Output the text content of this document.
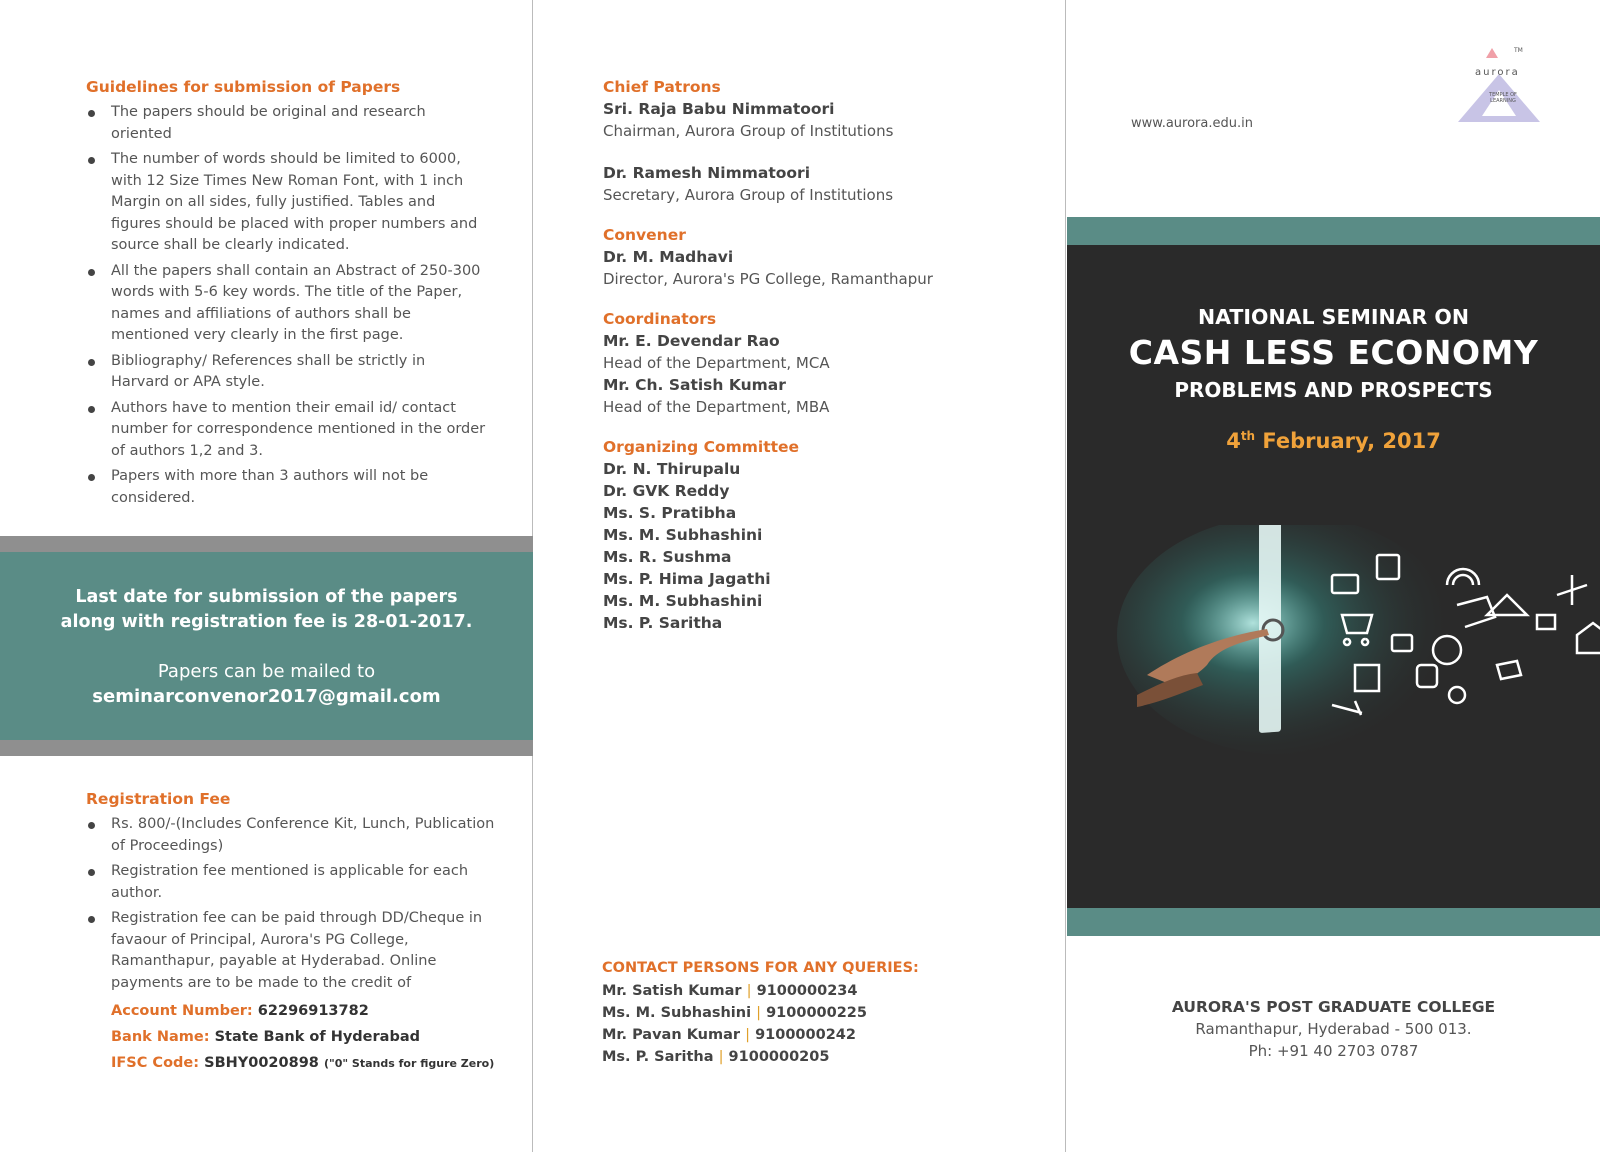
Guidelines for submission of Papers
The papers should be original and research oriented
The number of words should be limited to 6000, with 12 Size Times New Roman Font, with 1 inch Margin on all sides, fully justified. Tables and figures should be placed with proper numbers and source shall be clearly indicated.
All the papers shall contain an Abstract of 250-300 words with 5-6 key words. The title of the Paper, names and affiliations of authors shall be mentioned very clearly in the first page.
Bibliography/ References shall be strictly in Harvard or APA style.
Authors have to mention their email id/ contact number for correspondence mentioned in the order of authors 1,2 and 3.
Papers with more than 3 authors will not be considered.
Last date for submission of the papers
along with registration fee is 28-01-2017.
Papers can be mailed to
seminarconvenor2017@gmail.com
Registration Fee
Rs. 800/-(Includes Conference Kit, Lunch, Publication of Proceedings)
Registration fee mentioned is applicable for each author.
Registration fee can be paid through DD/Cheque in favaour of Principal, Aurora's PG College, Ramanthapur, payable at Hyderabad. Online payments are to be made to the credit of
Account Number: 62296913782
Bank Name: State Bank of Hyderabad
IFSC Code: SBHY0020898 ("0" Stands for figure Zero)
Chief Patrons
Sri. Raja Babu Nimmatoori
Chairman, Aurora Group of Institutions
Dr. Ramesh Nimmatoori
Secretary, Aurora Group of Institutions
Convener
Dr. M. Madhavi
Director, Aurora's PG College, Ramanthapur
Coordinators
Mr. E. Devendar Rao
Head of the Department, MCA
Mr. Ch. Satish Kumar
Head of the Department, MBA
Organizing Committee
Dr. N. Thirupalu
Dr. GVK Reddy
Ms. S. Pratibha
Ms. M. Subhashini
Ms. R. Sushma
Ms. P. Hima Jagathi
Ms. M. Subhashini
Ms. P. Saritha
CONTACT PERSONS FOR ANY QUERIES:
Mr. Satish Kumar | 9100000234
Ms. M. Subhashini | 9100000225
Mr. Pavan Kumar | 9100000242
Ms. P. Saritha | 9100000205
www.aurora.edu.in
TM
aurora
TEMPLE OF LEARNING
NATIONAL SEMINAR ON
CASH LESS ECONOMY
PROBLEMS AND PROSPECTS
4th February, 2017
AURORA'S POST GRADUATE COLLEGE
Ramanthapur, Hyderabad - 500 013.
Ph: +91 40 2703 0787
